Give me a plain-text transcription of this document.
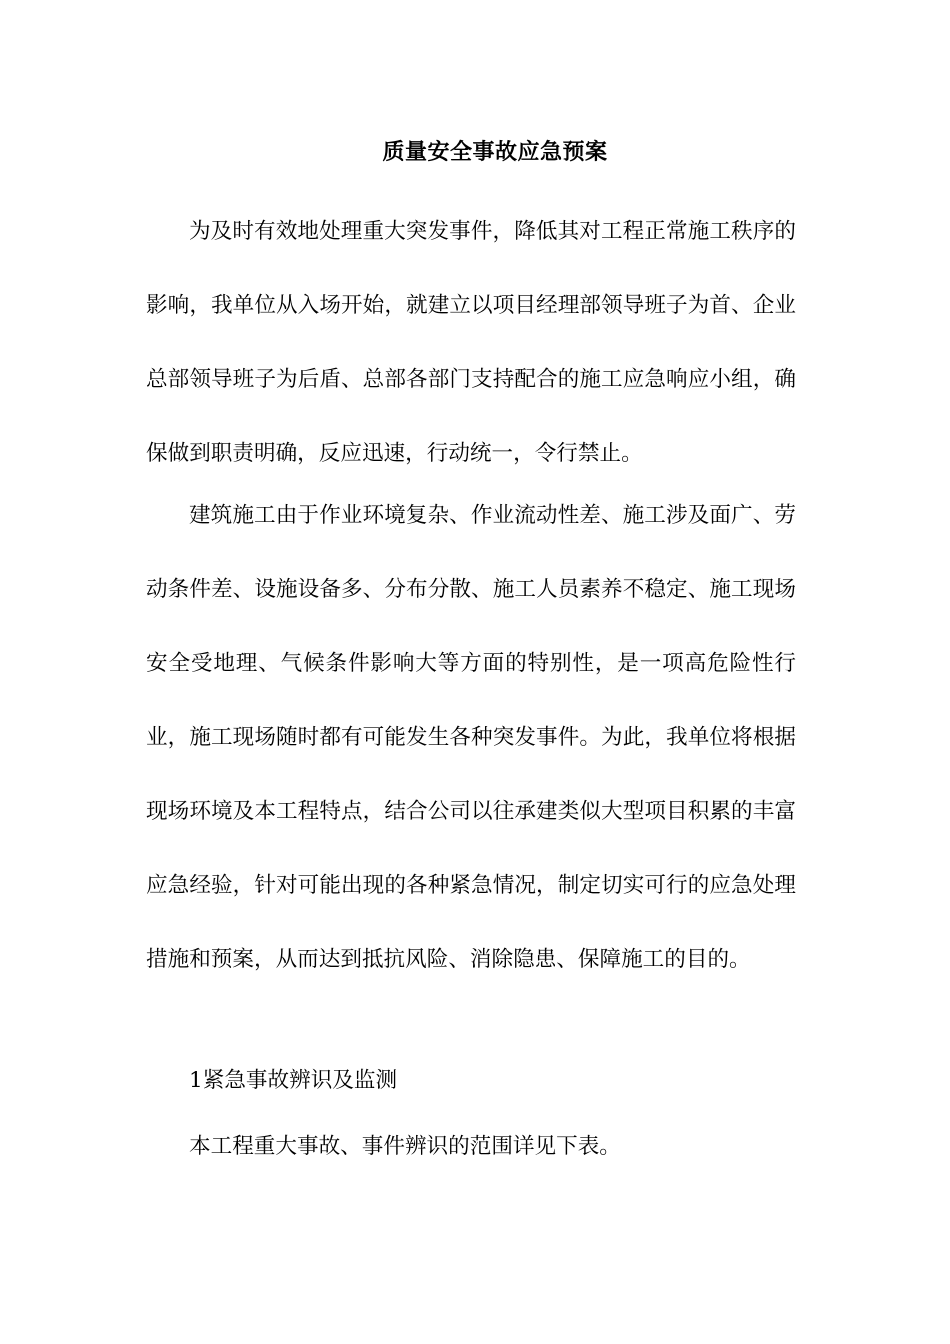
质量安全事故应急预案

为及时有效地处理重大突发事件，降低其对工程正常施工秩序的影响，我单位从入场开始，就建立以项目经理部领导班子为首、企业总部领导班子为后盾、总部各部门支持配合的施工应急响应小组，确保做到职责明确，反应迅速，行动统一，令行禁止。

建筑施工由于作业环境复杂、作业流动性差、施工涉及面广、劳动条件差、设施设备多、分布分散、施工人员素养不稳定、施工现场安全受地理、气候条件影响大等方面的特别性，是一项高危险性行业，施工现场随时都有可能发生各种突发事件。为此，我单位将根据现场环境及本工程特点，结合公司以往承建类似大型项目积累的丰富应急经验，针对可能出现的各种紧急情况，制定切实可行的应急处理措施和预案，从而达到抵抗风险、消除隐患、保障施工的目的。

1紧急事故辨识及监测
本工程重大事故、事件辨识的范围详见下表。
